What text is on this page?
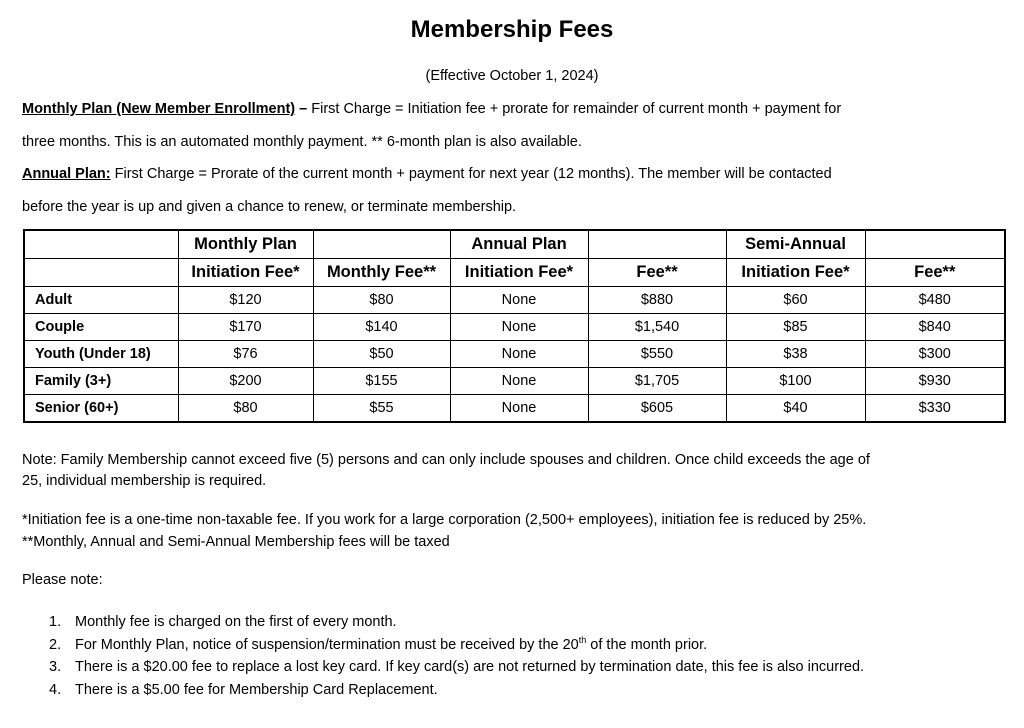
Membership Fees
(Effective October 1, 2024)
Monthly Plan (New Member Enrollment) – First Charge = Initiation fee + prorate for remainder of current month + payment for
three months. This is an automated monthly payment. ** 6-month plan is also available.
Annual Plan: First Charge = Prorate of the current month + payment for next year (12 months). The member will be contacted
before the year is up and given a chance to renew, or terminate membership.
	Monthly Plan		Annual Plan		Semi-Annual	
	Initiation Fee*	Monthly Fee**	Initiation Fee*	Fee**	Initiation Fee*	Fee**
Adult	$120	$80	None	$880	$60	$480
Couple	$170	$140	None	$1,540	$85	$840
Youth (Under 18)	$76	$50	None	$550	$38	$300
Family (3+)	$200	$155	None	$1,705	$100	$930
Senior (60+)	$80	$55	None	$605	$40	$330
Note: Family Membership cannot exceed five (5) persons and can only include spouses and children. Once child exceeds the age of
25, individual membership is required.
*Initiation fee is a one-time non-taxable fee. If you work for a large corporation (2,500+ employees), initiation fee is reduced by 25%.
**Monthly, Annual and Semi-Annual Membership fees will be taxed
Please note:
1. Monthly fee is charged on the first of every month.
2. For Monthly Plan, notice of suspension/termination must be received by the 20th of the month prior.
3. There is a $20.00 fee to replace a lost key card. If key card(s) are not returned by termination date, this fee is also incurred.
4. There is a $5.00 fee for Membership Card Replacement.
